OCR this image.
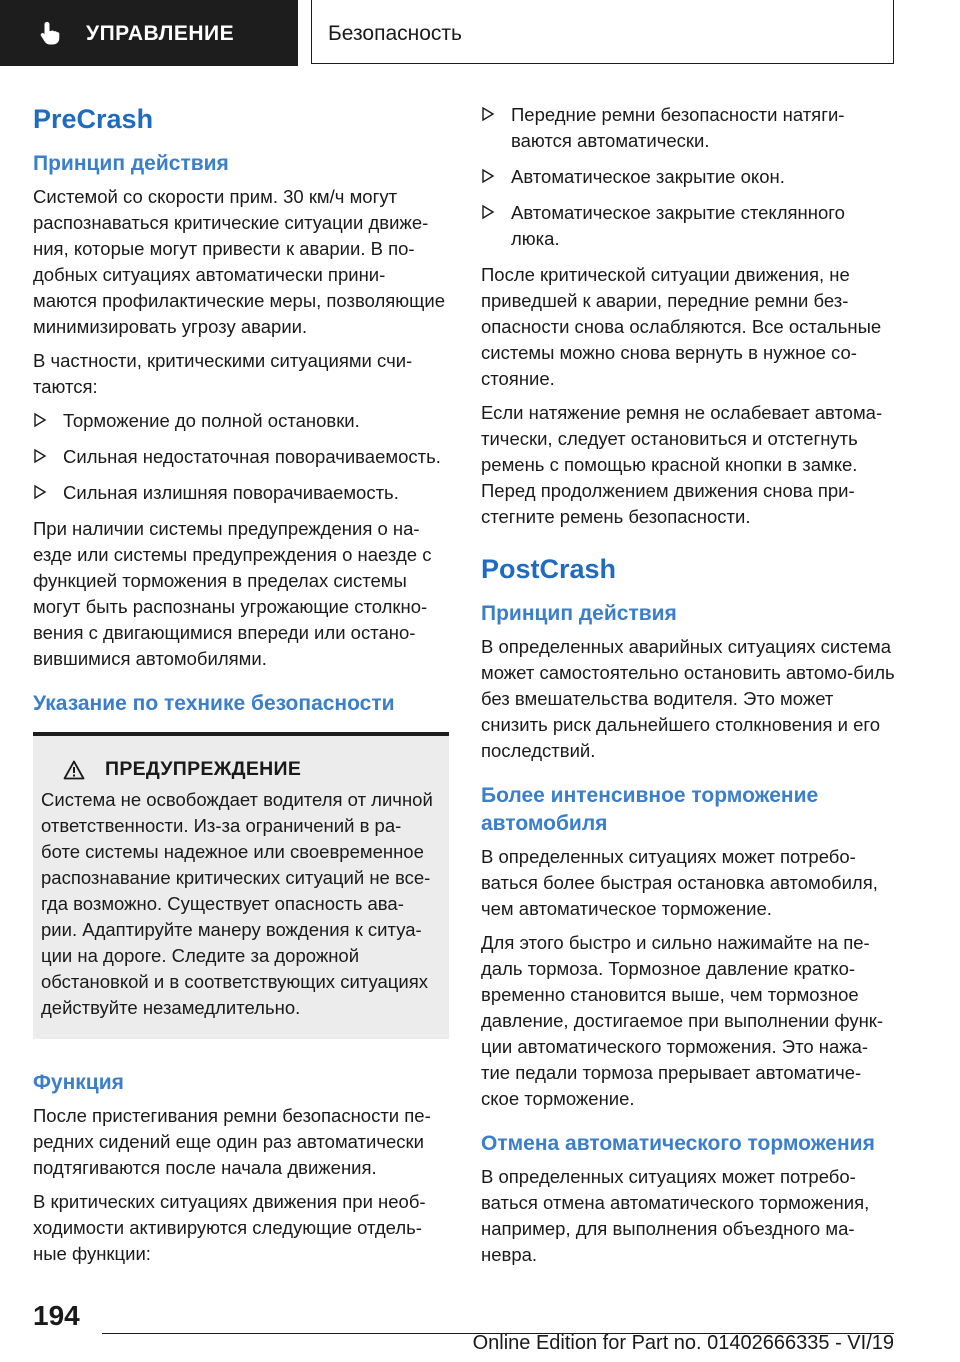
УПРАВЛЕНИЕ	Безопасность
PreCrash
Принцип действия

Системой со скорости прим. 30 км/ч могут распознаваться критические ситуации движе-ния, которые могут привести к аварии. В по-добных ситуациях автоматически прини-маются профилактические меры, позволяющие минимизировать угрозу аварии.

В частности, критическими ситуациями счи-таются:

Торможение до полной остановки.
Сильная недостаточная поворачиваемость.
Сильная излишняя поворачиваемость.

При наличии системы предупреждения о на-езде или системы предупреждения о наезде с функцией торможения в пределах системы могут быть распознаны угрожающие столкно-вения с двигающимися впереди или остано-вившимися автомобилями.

Указание по технике безопасности
ПРЕДУПРЕЖДЕНИЕ

Система не освобождает водителя от личной ответственности. Из-за ограничений в ра-боте системы надежное или своевременное распознавание критических ситуаций не все-гда возможно. Существует опасность ава-рии. Адаптируйте манеру вождения к ситуа-ции на дороге. Следите за дорожной обстановкой и в соответствующих ситуациях действуйте незамедлительно.

Функция

После пристегивания ремни безопасности пе-редних сидений еще один раз автоматически подтягиваются после начала движения.

В критических ситуациях движения при необ-ходимости активируются следующие отдель-ные функции:

Передние ремни безопасности натяги-ваются автоматически.
Автоматическое закрытие окон.
Автоматическое закрытие стеклянного люка.

После критической ситуации движения, не приведшей к аварии, передние ремни без-опасности снова ослабляются. Все остальные системы можно снова вернуть в нужное со-стояние.

Если натяжение ремня не ослабевает автома-тически, следует остановиться и отстегнуть ремень с помощью красной кнопки в замке. Перед продолжением движения снова при-стегните ремень безопасности.

PostCrash
Принцип действия

В определенных аварийных ситуациях система может самостоятельно остановить автомо-биль без вмешательства водителя. Это может снизить риск дальнейшего столкновения и его последствий.

Более интенсивное торможение автомобиля

В определенных ситуациях может потребо-ваться более быстрая остановка автомобиля, чем автоматическое торможение.

Для этого быстро и сильно нажимайте на пе-даль тормоза. Тормозное давление кратко-временно становится выше, чем тормозное давление, достигаемое при выполнении функ-ции автоматического торможения. Это нажа-тие педали тормоза прерывает автоматиче-ское торможение.

Отмена автоматического торможения

В определенных ситуациях может потребо-ваться отмена автоматического торможения, например, для выполнения объездного ма-невра.

194
Online Edition for Part no. 01402666335 - VI/19
